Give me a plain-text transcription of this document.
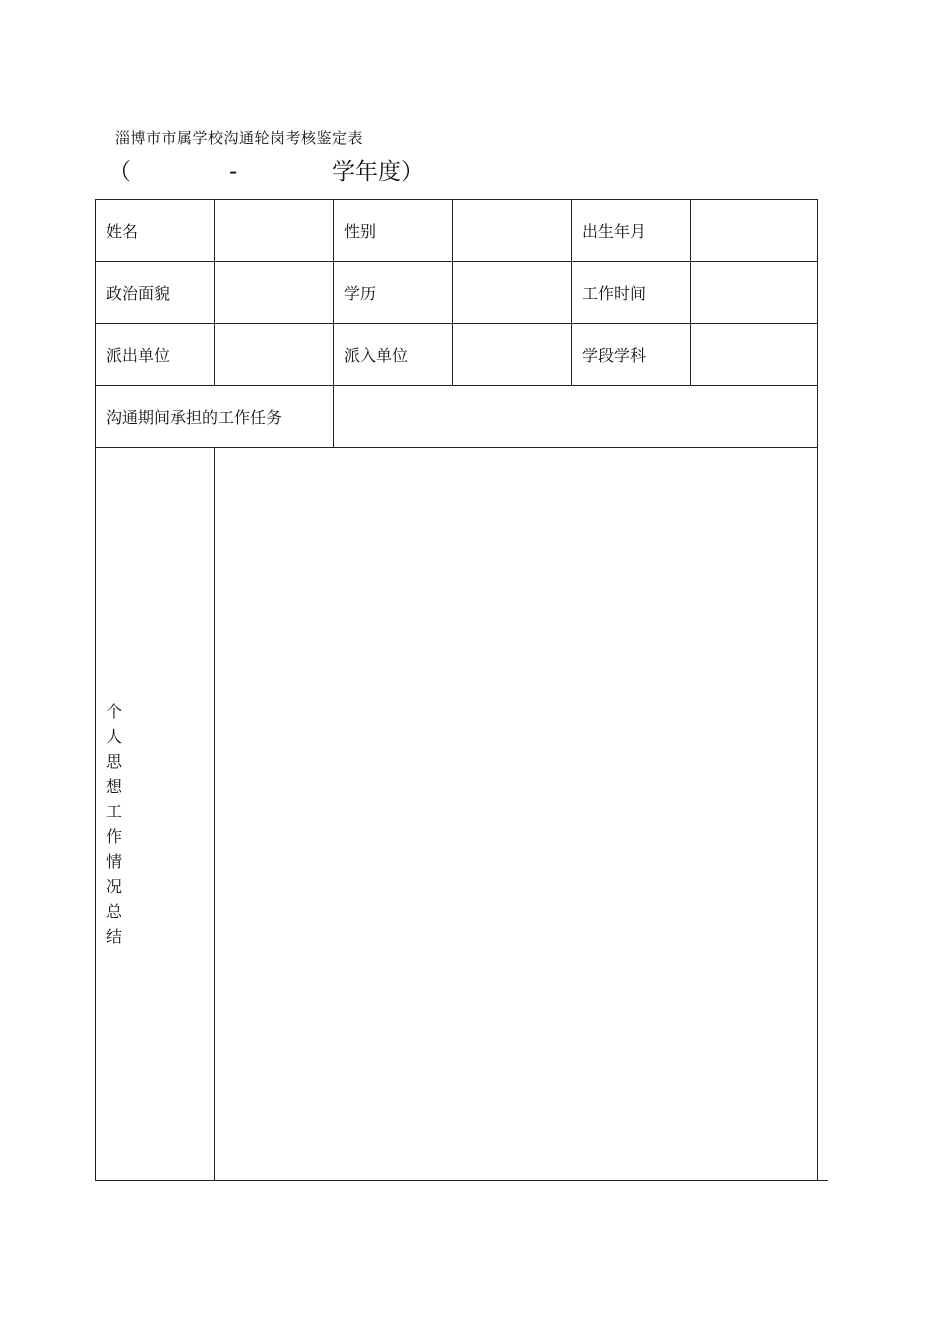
淄博市市属学校沟通轮岗考核鉴定表
（	-	学年度）
姓名		性别		出生年月	
政治面貌		学历		工作时间	
派出单位		派入单位		学段学科	
沟通期间承担的工作任务					

个人思想工作情况总结					
